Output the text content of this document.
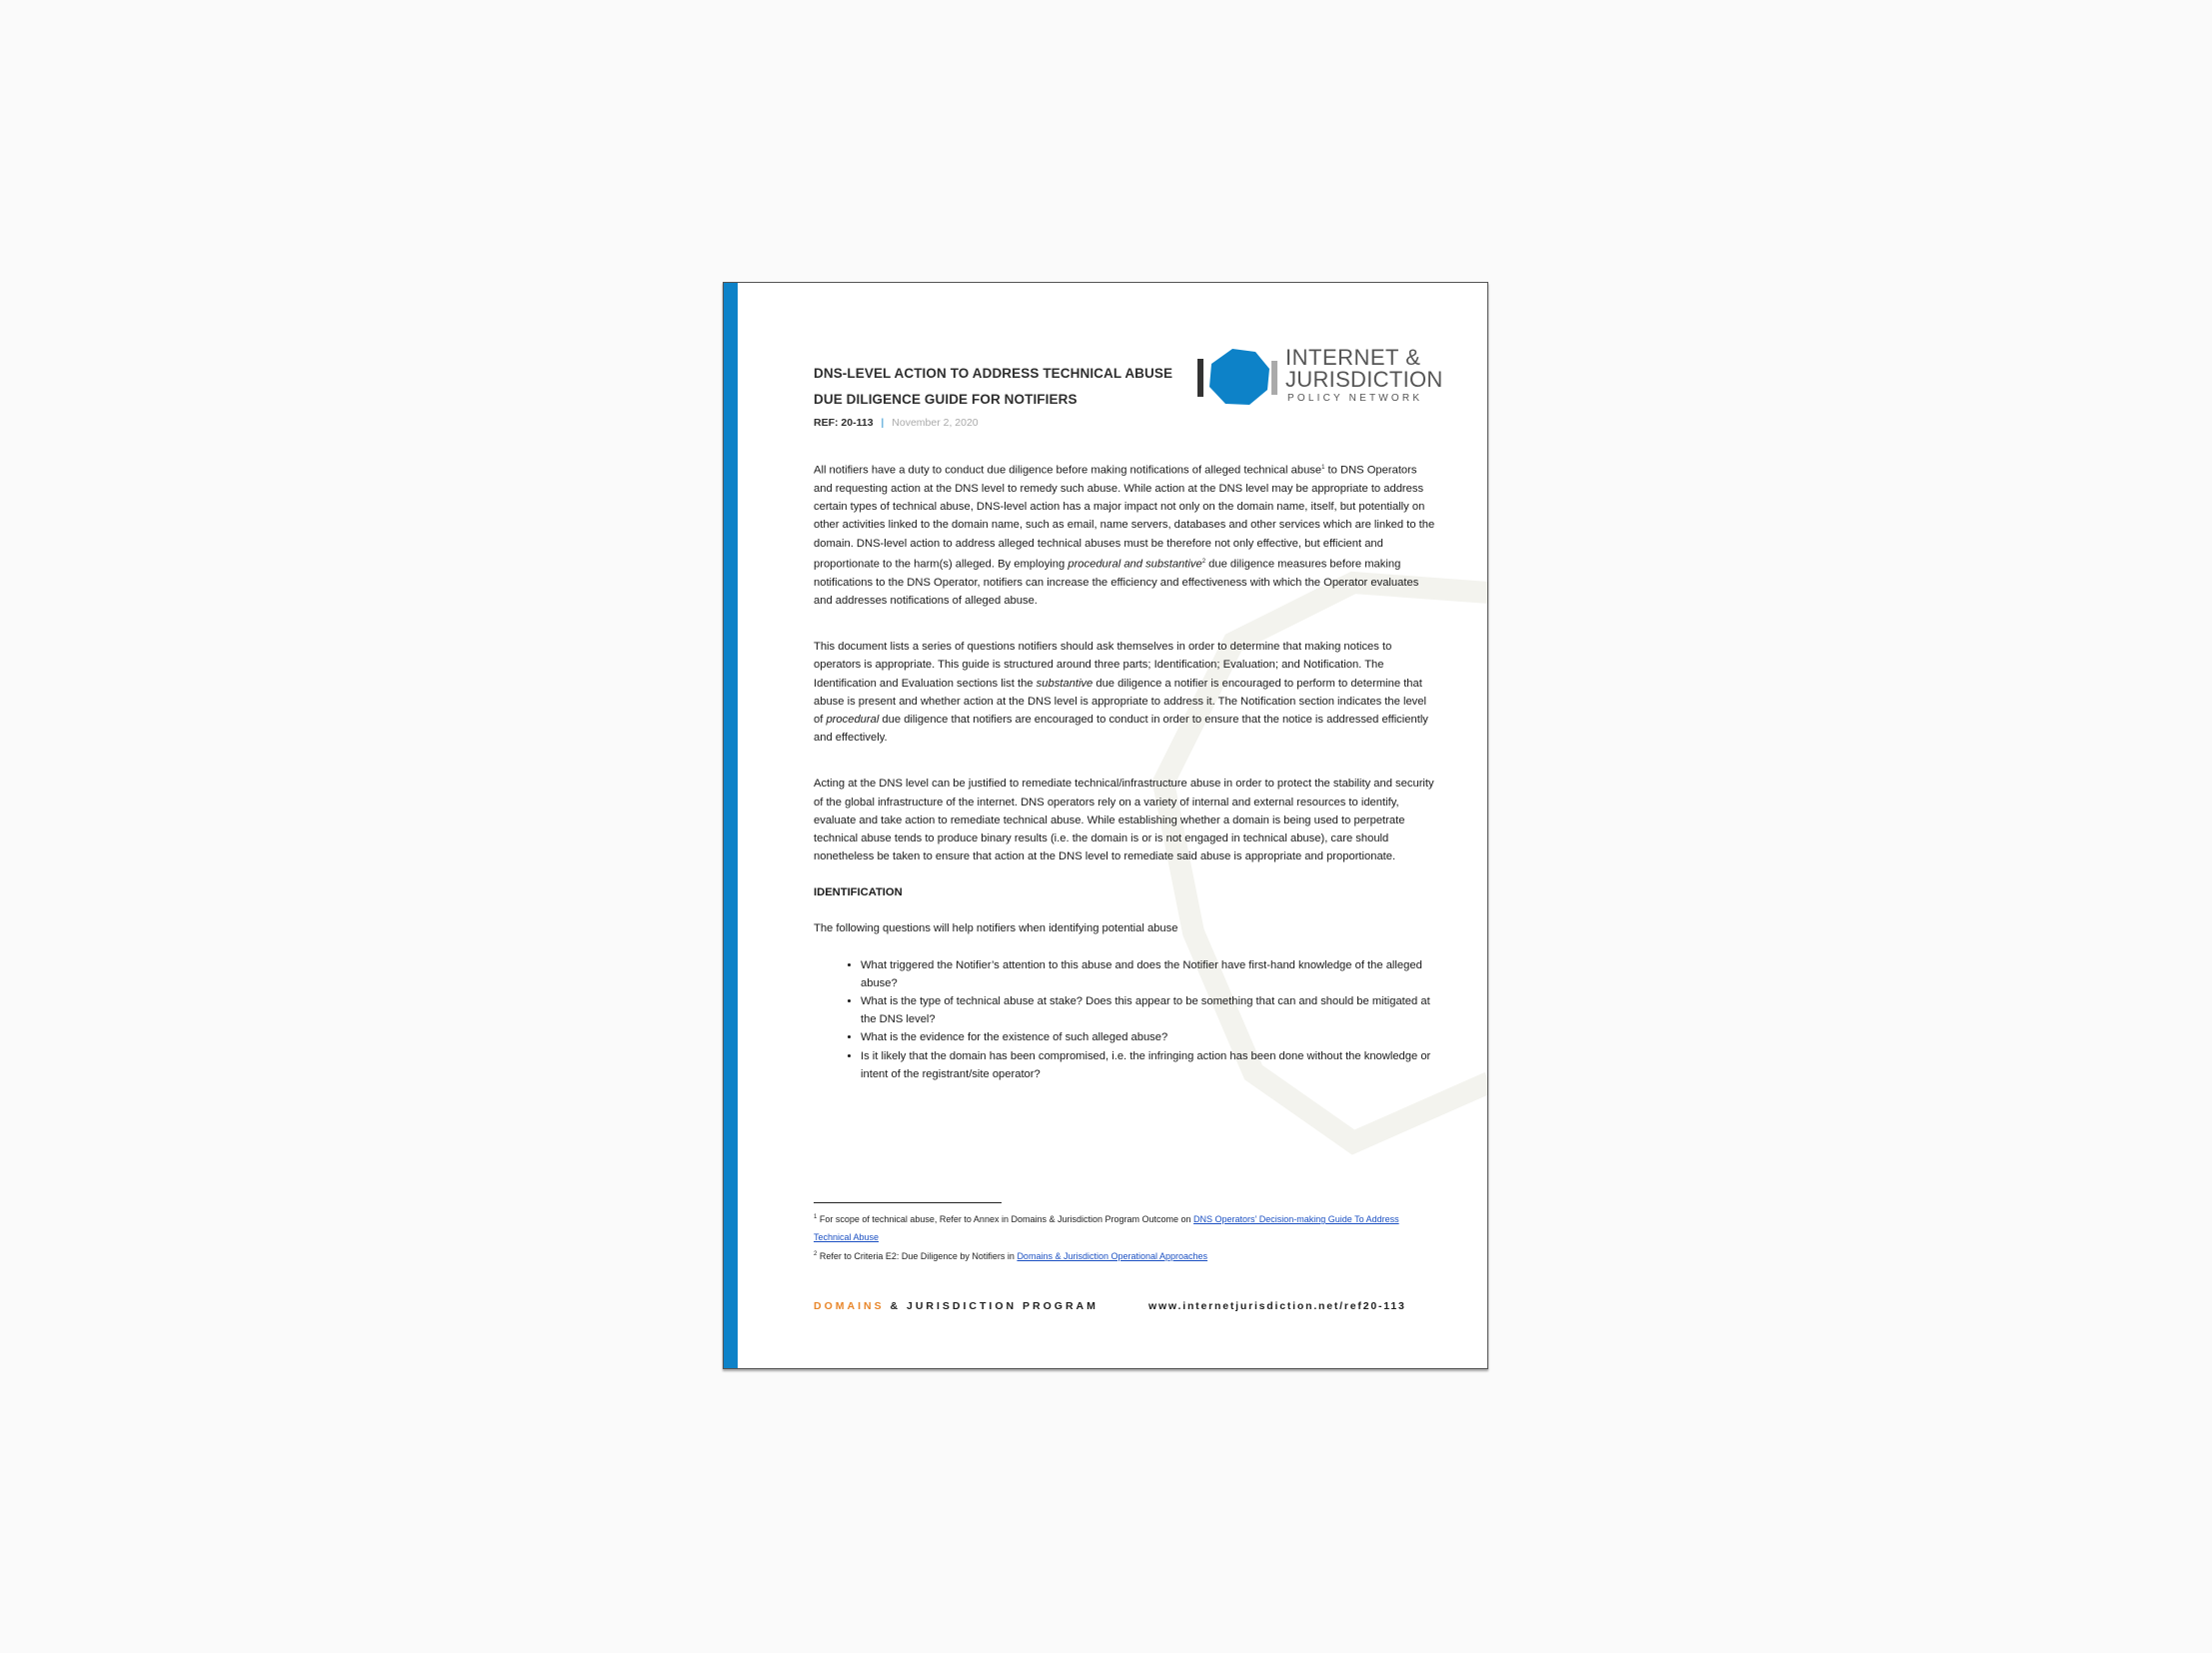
INTERNET &
JURISDICTION
POLICY NETWORK
DNS-LEVEL ACTION TO ADDRESS TECHNICAL ABUSE
DUE DILIGENCE GUIDE FOR NOTIFIERS
REF: 20-113 | November 2, 2020

All notifiers have a duty to conduct due diligence before making notifications of alleged technical abuse$^1$ to DNS Operators and requesting action at the DNS level to remedy such abuse. While action at the DNS level may be appropriate to address certain types of technical abuse, DNS-level action has a major impact not only on the domain name, itself, but potentially on other activities linked to the domain name, such as email, name servers, databases and other services which are linked to the domain. DNS-level action to address alleged technical abuses must be therefore not only effective, but efficient and proportionate to the harm(s) alleged. By employing procedural and substantive$^2$ due diligence measures before making notifications to the DNS Operator, notifiers can increase the efficiency and effectiveness with which the Operator evaluates and addresses notifications of alleged abuse.

This document lists a series of questions notifiers should ask themselves in order to determine that making notices to operators is appropriate. This guide is structured around three parts; Identification; Evaluation; and Notification. The Identification and Evaluation sections list the substantive due diligence a notifier is encouraged to perform to determine that abuse is present and whether action at the DNS level is appropriate to address it. The Notification section indicates the level of procedural due diligence that notifiers are encouraged to conduct in order to ensure that the notice is addressed efficiently and effectively.

Acting at the DNS level can be justified to remediate technical/infrastructure abuse in order to protect the stability and security of the global infrastructure of the internet. DNS operators rely on a variety of internal and external resources to identify, evaluate and take action to remediate technical abuse. While establishing whether a domain is being used to perpetrate technical abuse tends to produce binary results (i.e. the domain is or is not engaged in technical abuse), care should nonetheless be taken to ensure that action at the DNS level to remediate said abuse is appropriate and proportionate.

IDENTIFICATION

The following questions will help notifiers when identifying potential abuse

• What triggered the Notifier’s attention to this abuse and does the Notifier have first-hand knowledge of the alleged abuse?
• What is the type of technical abuse at stake? Does this appear to be something that can and should be mitigated at the DNS level?
• What is the evidence for the existence of such alleged abuse?
• Is it likely that the domain has been compromised, i.e. the infringing action has been done without the knowledge or intent of the registrant/site operator?
$^1$ For scope of technical abuse, Refer to Annex in Domains & Jurisdiction Program Outcome on DNS Operators’ Decision-making Guide To Address Technical Abuse
$^2$ Refer to Criteria E2: Due Diligence by Notifiers in Domains & Jurisdiction Operational Approaches
DOMAINS & JURISDICTION PROGRAM	www.internetjurisdiction.net/ref20-113
